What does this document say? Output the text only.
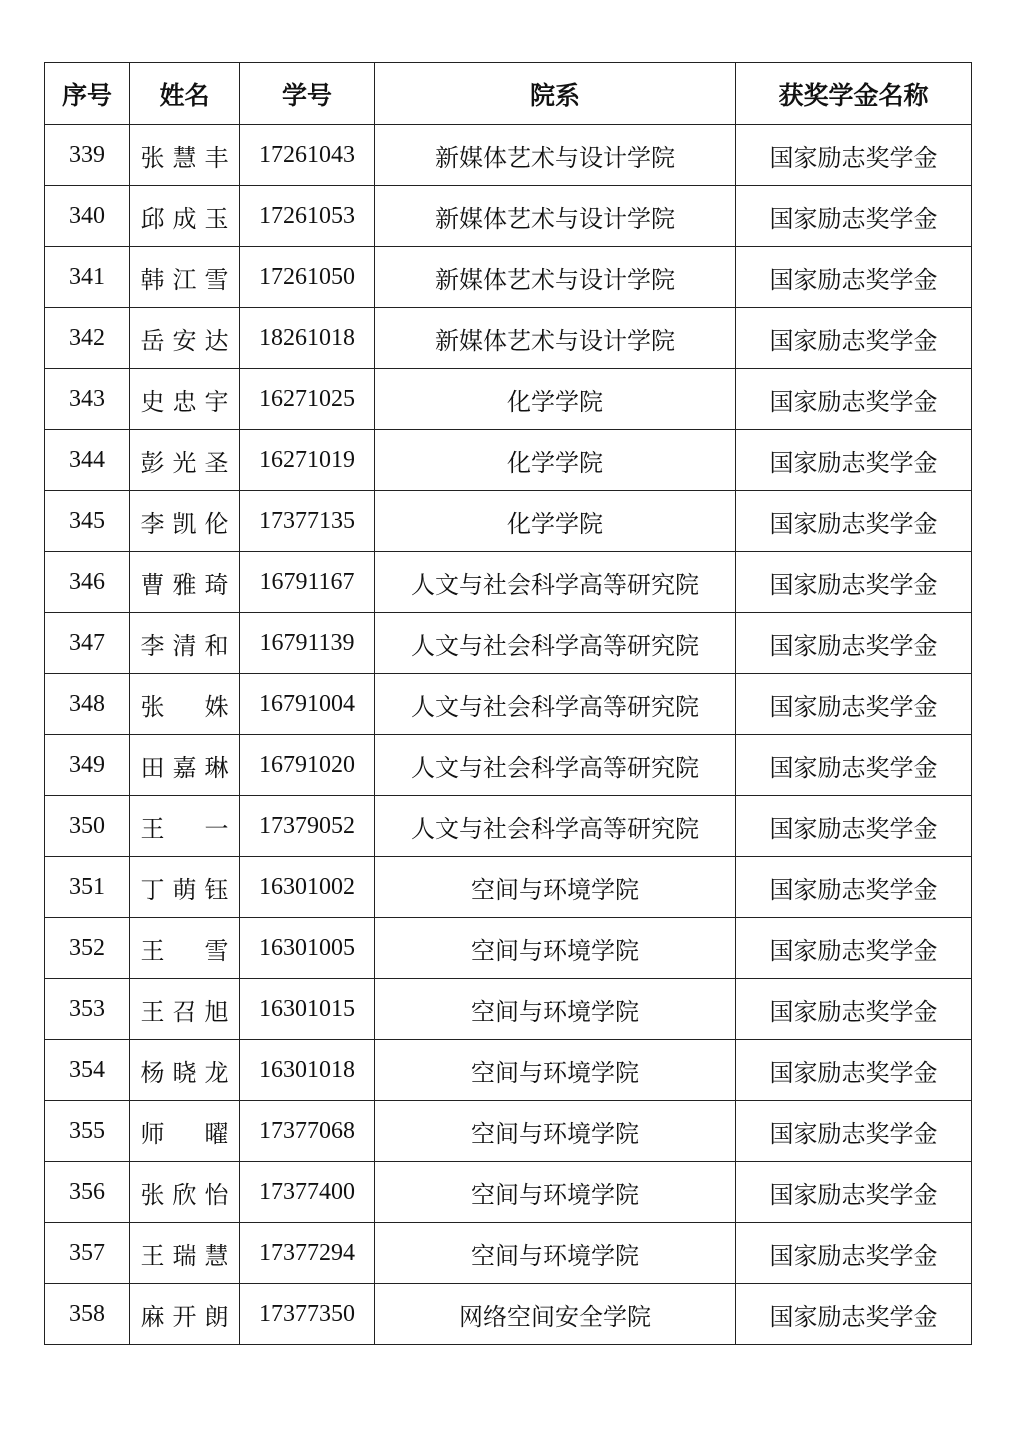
序号	姓名	学号	院系	获奖学金名称
339	张 慧 丰	17261043	新媒体艺术与设计学院	国家励志奖学金
340	邱 成 玉	17261053	新媒体艺术与设计学院	国家励志奖学金
341	韩 江 雪	17261050	新媒体艺术与设计学院	国家励志奖学金
342	岳 安 达	18261018	新媒体艺术与设计学院	国家励志奖学金
343	史 忠 宇	16271025	化学学院	国家励志奖学金
344	彭 光 圣	16271019	化学学院	国家励志奖学金
345	李 凯 伦	17377135	化学学院	国家励志奖学金
346	曹 雅 琦	16791167	人文与社会科学高等研究院	国家励志奖学金
347	李 清 和	16791139	人文与社会科学高等研究院	国家励志奖学金
348	张 姝	16791004	人文与社会科学高等研究院	国家励志奖学金
349	田 嘉 琳	16791020	人文与社会科学高等研究院	国家励志奖学金
350	王 一	17379052	人文与社会科学高等研究院	国家励志奖学金
351	丁 萌 钰	16301002	空间与环境学院	国家励志奖学金
352	王 雪	16301005	空间与环境学院	国家励志奖学金
353	王 召 旭	16301015	空间与环境学院	国家励志奖学金
354	杨 晓 龙	16301018	空间与环境学院	国家励志奖学金
355	师 曜	17377068	空间与环境学院	国家励志奖学金
356	张 欣 怡	17377400	空间与环境学院	国家励志奖学金
357	王 瑞 慧	17377294	空间与环境学院	国家励志奖学金
358	麻 开 朗	17377350	网络空间安全学院	国家励志奖学金
